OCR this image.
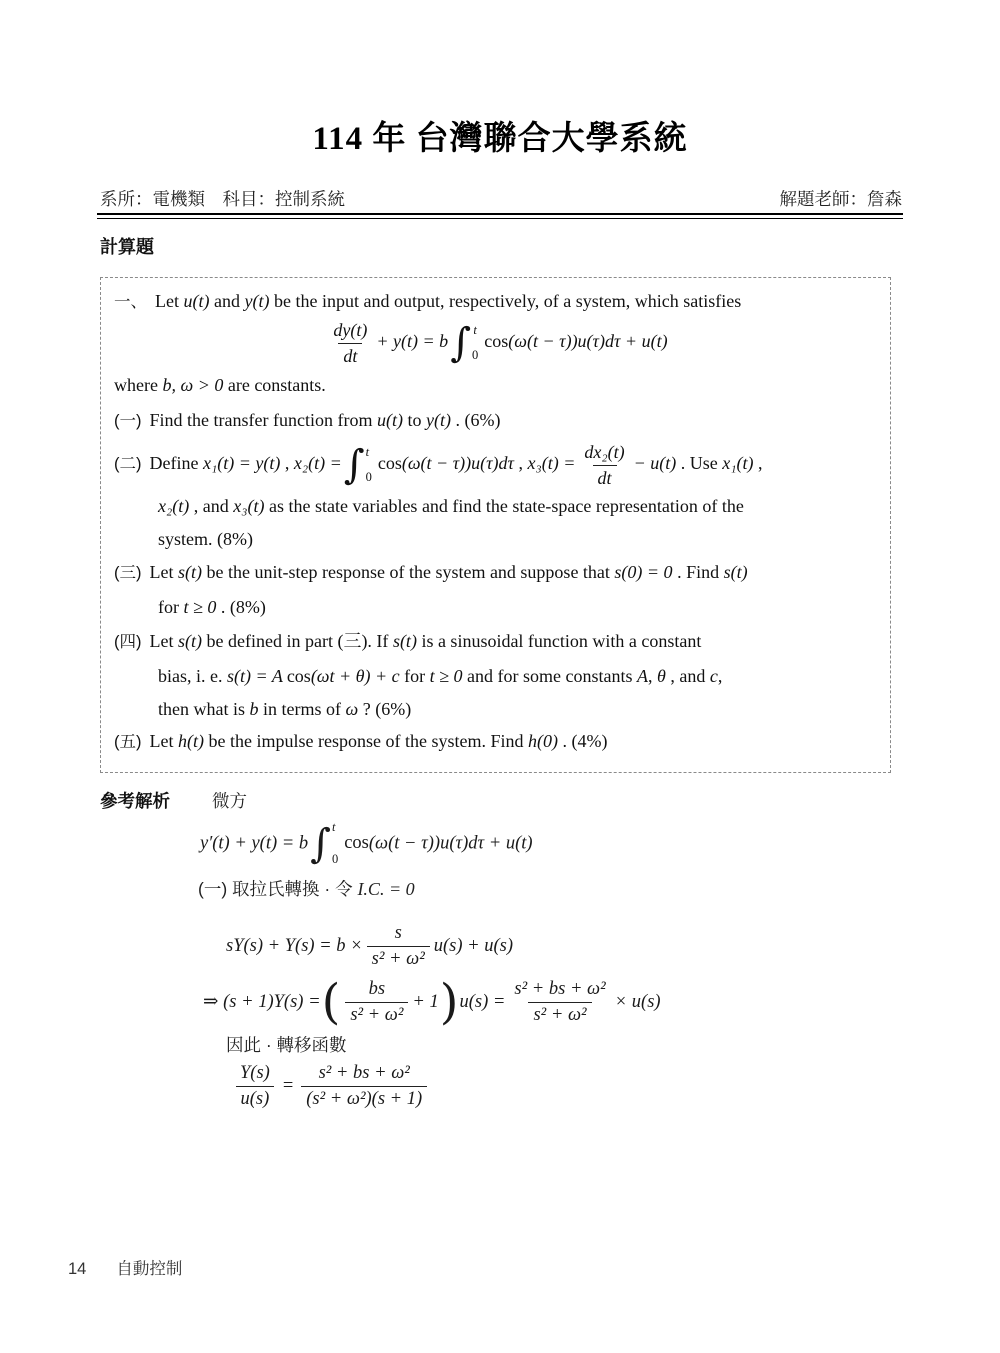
114 年 台灣聯合大學系統
系所：電機類　科目：控制系統	解題老師：詹森
計算題
一、 Let u(t) and y(t) be the input and output, respectively, of a system, which satisfies
$\frac{dy(t)}{dt} + y(t) = b$ ∫ t
0
cos(ω(t − τ))u(τ)dτ + u(t)
where b, ω > 0 are constants.
(一) Find the transfer function from u(t) to y(t) . (6%)
(二) Define x₁(t) = y(t) , x₂(t) = ∫ t
0
cos(ω(t − τ))u(τ)dτ , $x_3(t) = \frac{\text{dx₂(t)}}{dt} - u(t)$ . Use x₁(t) ,
x₂(t) , and x₃(t) as the state variables and find the state-space representation of the
system. (8%)
(三) Let s(t) be the unit-step response of the system and suppose that s(0) = 0 . Find s(t)
for t ≥ 0 . (8%)
(四) Let s(t) be defined in part (三). If s(t) is a sinusoidal function with a constant
bias, i. e. s(t) = A cos(ωt + θ) + c for t ≥ 0 and for some constants A, θ , and c,
then what is b in terms of ω ? (6%)
(五) Let h(t) be the impulse response of the system. Find h(0) . (4%)
參考解析 微方
y′(t) + y(t) = b ∫ t
0
cos(ω(t − τ))u(τ)dτ + u(t)
(一) 取拉氏轉換 · 令 I.C. = 0
$sY(s) + Y(s) = b \times \frac{s}{\text{s² + ω²}} u(s) + u(s)$
⇒ (s + 1)Y(s) =( $\frac{bs}{\text{s² + ω²}} + 1)u(s) = \frac{\text{s² + bs + ω²}}{\text{s² + ω²}} \times u(s)$
因此 · 轉移函數
$\frac{Y(s)}{u(s)} = \frac{\text{s² + bs + ω²}}{\text{(s² + ω²)(s + 1)}}$
14 自動控制
